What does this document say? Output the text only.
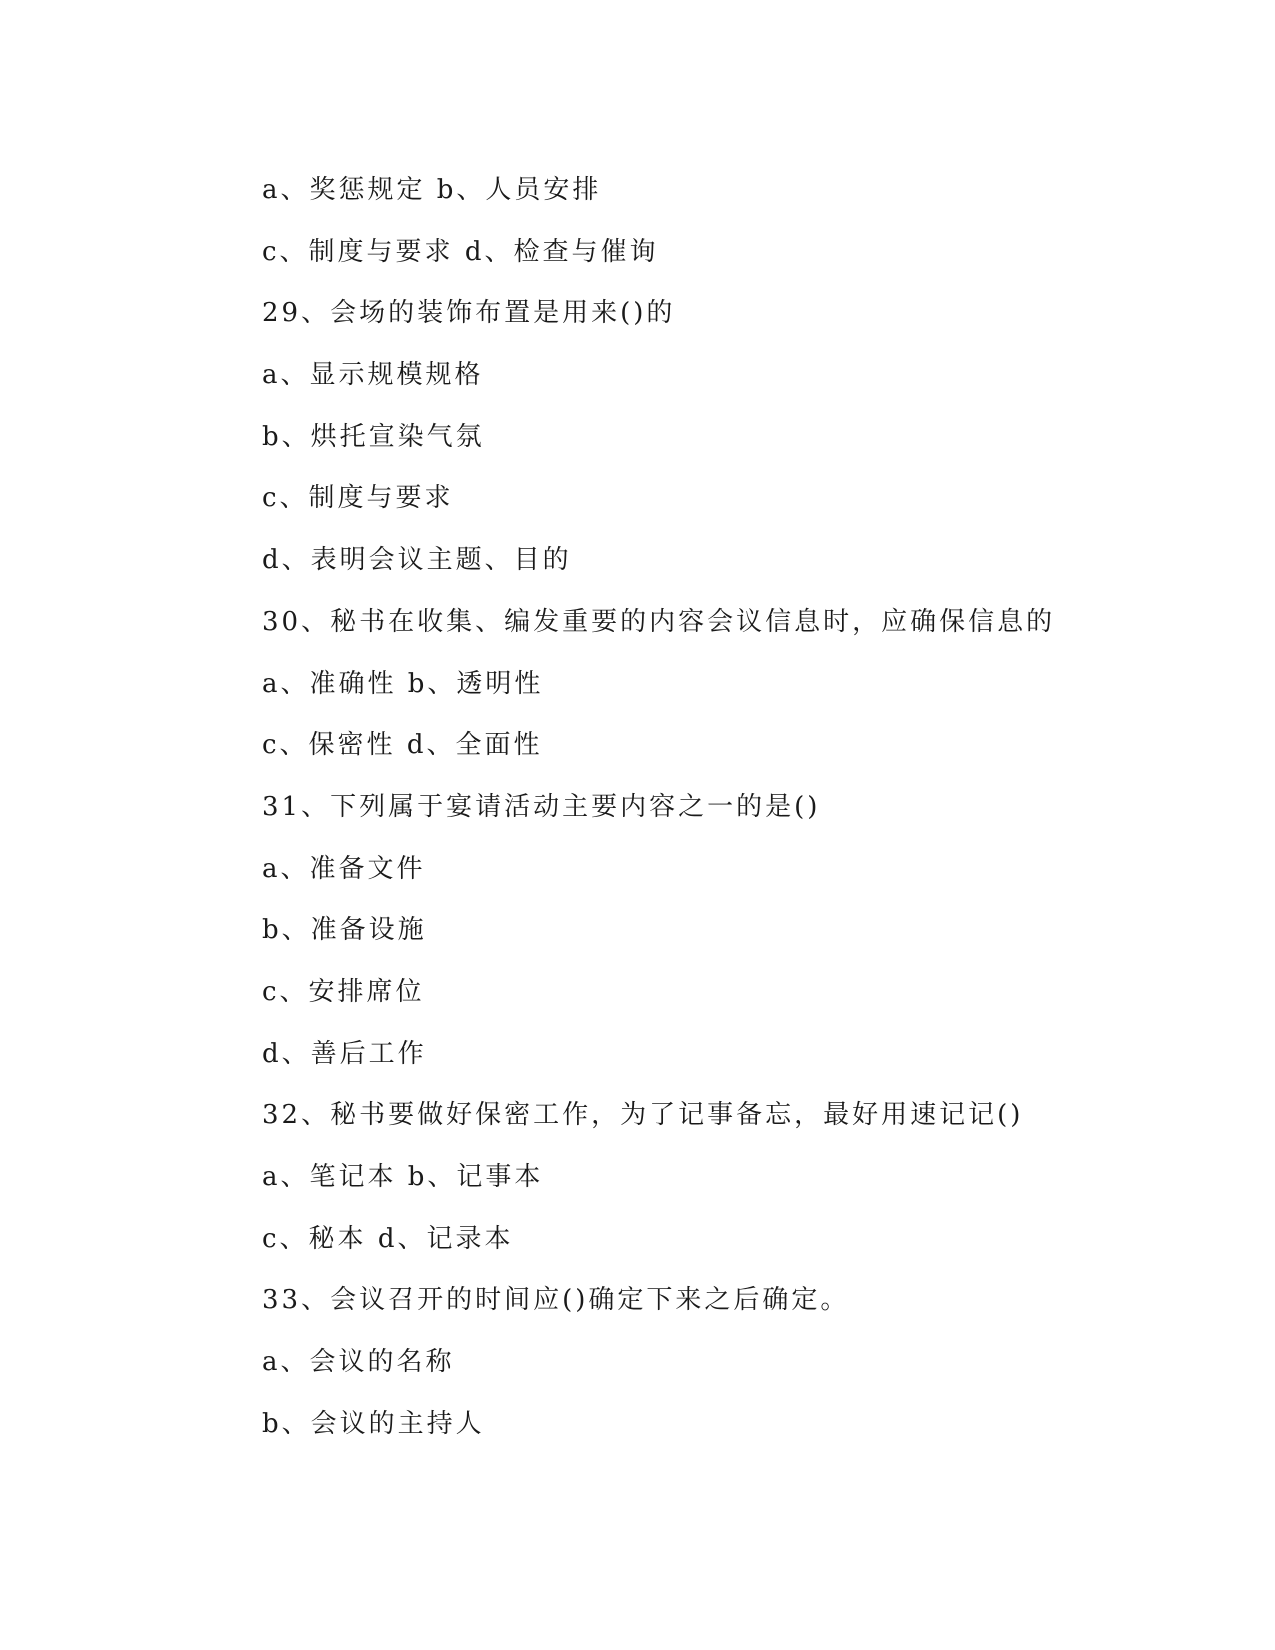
a、奖惩规定 b、人员安排
c、制度与要求 d、检查与催询
29、会场的装饰布置是用来()的
a、显示规模规格
b、烘托宣染气氛
c、制度与要求
d、表明会议主题、目的
30、秘书在收集、编发重要的内容会议信息时，应确保信息的
a、准确性 b、透明性
c、保密性 d、全面性
31、下列属于宴请活动主要内容之一的是()
a、准备文件
b、准备设施
c、安排席位
d、善后工作
32、秘书要做好保密工作，为了记事备忘，最好用速记记()
a、笔记本 b、记事本
c、秘本 d、记录本
33、会议召开的时间应()确定下来之后确定。
a、会议的名称
b、会议的主持人
